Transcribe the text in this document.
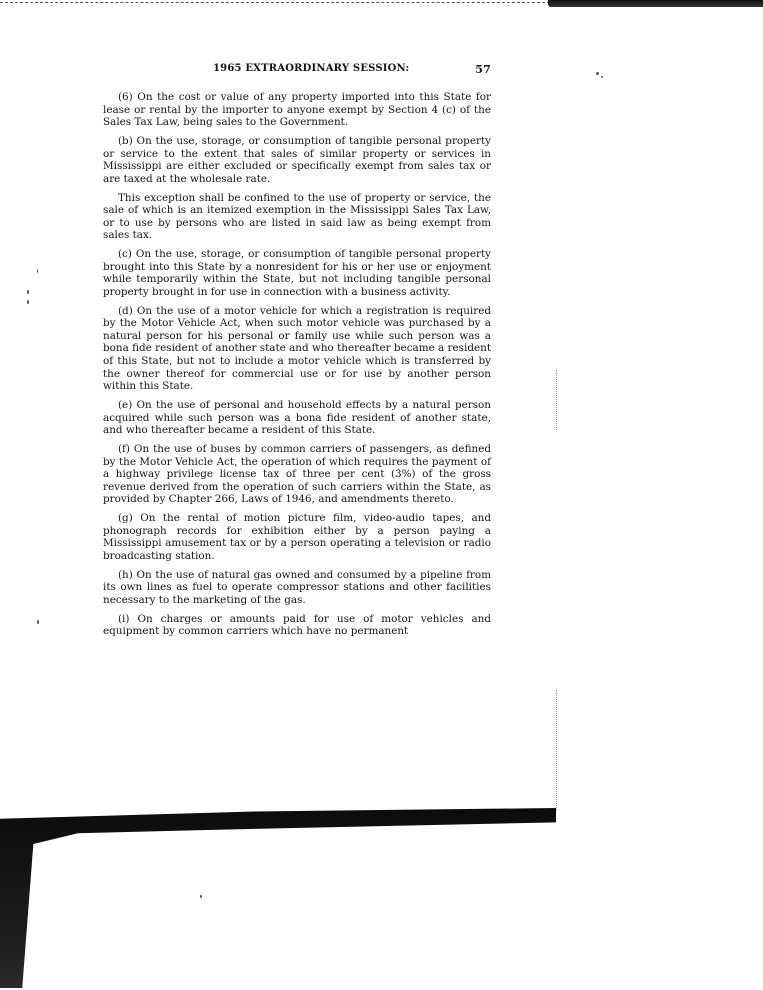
1965 EXTRAORDINARY SESSION:	57

(6) On the cost or value of any property imported into this State for lease or rental by the importer to anyone exempt by Section 4 (c) of the Sales Tax Law, being sales to the Government.

(b) On the use, storage, or consumption of tangible personal property or service to the extent that sales of similar property or services in Mississippi are either excluded or specifically exempt from sales tax or are taxed at the wholesale rate.

This exception shall be confined to the use of property or service, the sale of which is an itemized exemption in the Mississippi Sales Tax Law, or to use by persons who are listed in said law as being exempt from sales tax.

(c) On the use, storage, or consumption of tangible personal property brought into this State by a nonresident for his or her use or enjoyment while temporarily within the State, but not including tangible personal property brought in for use in connection with a business activity.

(d) On the use of a motor vehicle for which a registration is required by the Motor Vehicle Act, when such motor vehicle was purchased by a natural person for his personal or family use while such person was a bona fide resident of another state and who thereafter became a resident of this State, but not to include a motor vehicle which is transferred by the owner thereof for commercial use or for use by another person within this State.

(e) On the use of personal and household effects by a natural person acquired while such person was a bona fide resident of another state, and who thereafter became a resident of this State.

(f) On the use of buses by common carriers of passengers, as defined by the Motor Vehicle Act, the operation of which requires the payment of a highway privilege license tax of three per cent (3%) of the gross revenue derived from the operation of such carriers within the State, as provided by Chapter 266, Laws of 1946, and amendments thereto.

(g) On the rental of motion picture film, video-audio tapes, and phonograph records for exhibition either by a person paying a Mississippi amusement tax or by a person operating a television or radio broadcasting station.

(h) On the use of natural gas owned and consumed by a pipeline from its own lines as fuel to operate compressor stations and other facilities necessary to the marketing of the gas.

(i) On charges or amounts paid for use of motor vehicles and equipment by common carriers which have no permanent
